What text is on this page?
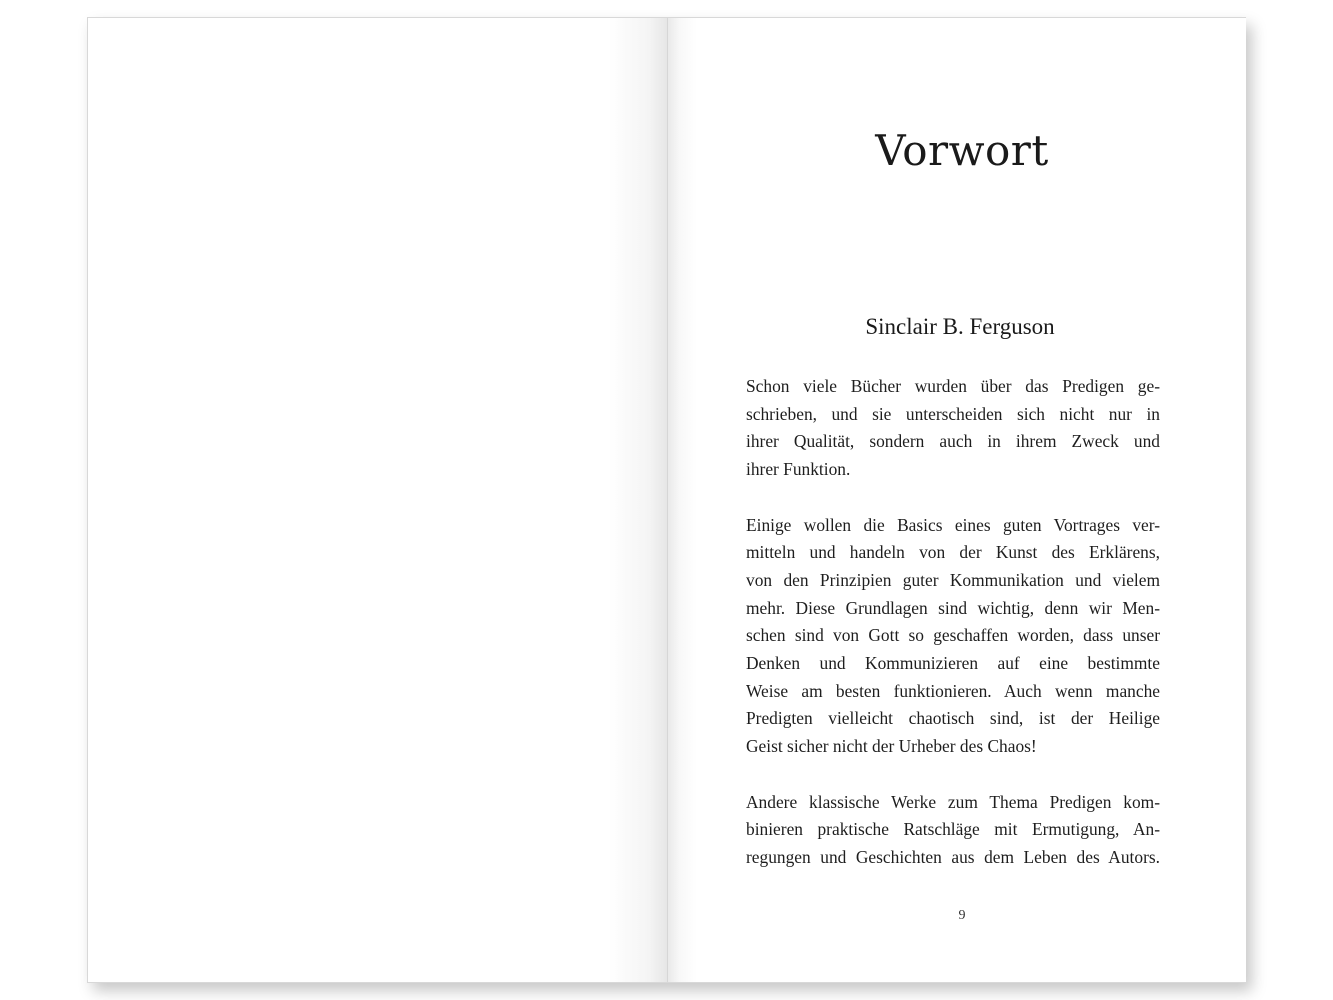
Vorwort
Sinclair B. Ferguson

Schon viele Bücher wurden über das Predigen ge-
schrieben, und sie unterscheiden sich nicht nur in
ihrer Qualität, sondern auch in ihrem Zweck und
ihrer Funktion.

Einige wollen die Basics eines guten Vortrages ver-
mitteln und handeln von der Kunst des Erklärens,
von den Prinzipien guter Kommunikation und vielem
mehr. Diese Grundlagen sind wichtig, denn wir Men-
schen sind von Gott so geschaffen worden, dass unser
Denken und Kommunizieren auf eine bestimmte
Weise am besten funktionieren. Auch wenn manche
Predigten vielleicht chaotisch sind, ist der Heilige
Geist sicher nicht der Urheber des Chaos!

Andere klassische Werke zum Thema Predigen kom-
binieren praktische Ratschläge mit Ermutigung, An-
regungen und Geschichten aus dem Leben des Autors.

9
